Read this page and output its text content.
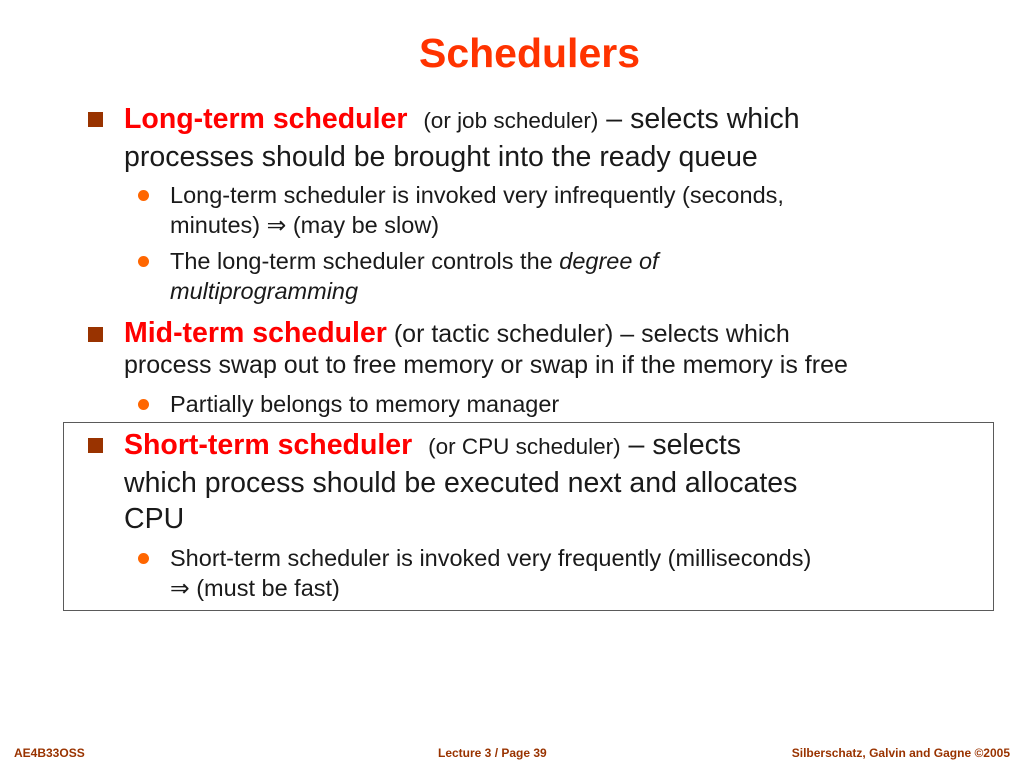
Schedulers
Long-term scheduler (or job scheduler) – selects which
processes should be brought into the ready queue
Long-term scheduler is invoked very infrequently (seconds,
minutes) ⇒ (may be slow)
The long-term scheduler controls the degree of
multiprogramming
Mid-term scheduler (or tactic scheduler) – selects which
process swap out to free memory or swap in if the memory is free
Partially belongs to memory manager
Short-term scheduler (or CPU scheduler) – selects
which process should be executed next and allocates
CPU
Short-term scheduler is invoked very frequently (milliseconds)
⇒ (must be fast)
AE4B33OSS	Lecture 3 / Page 39	Silberschatz, Galvin and Gagne ©2005
